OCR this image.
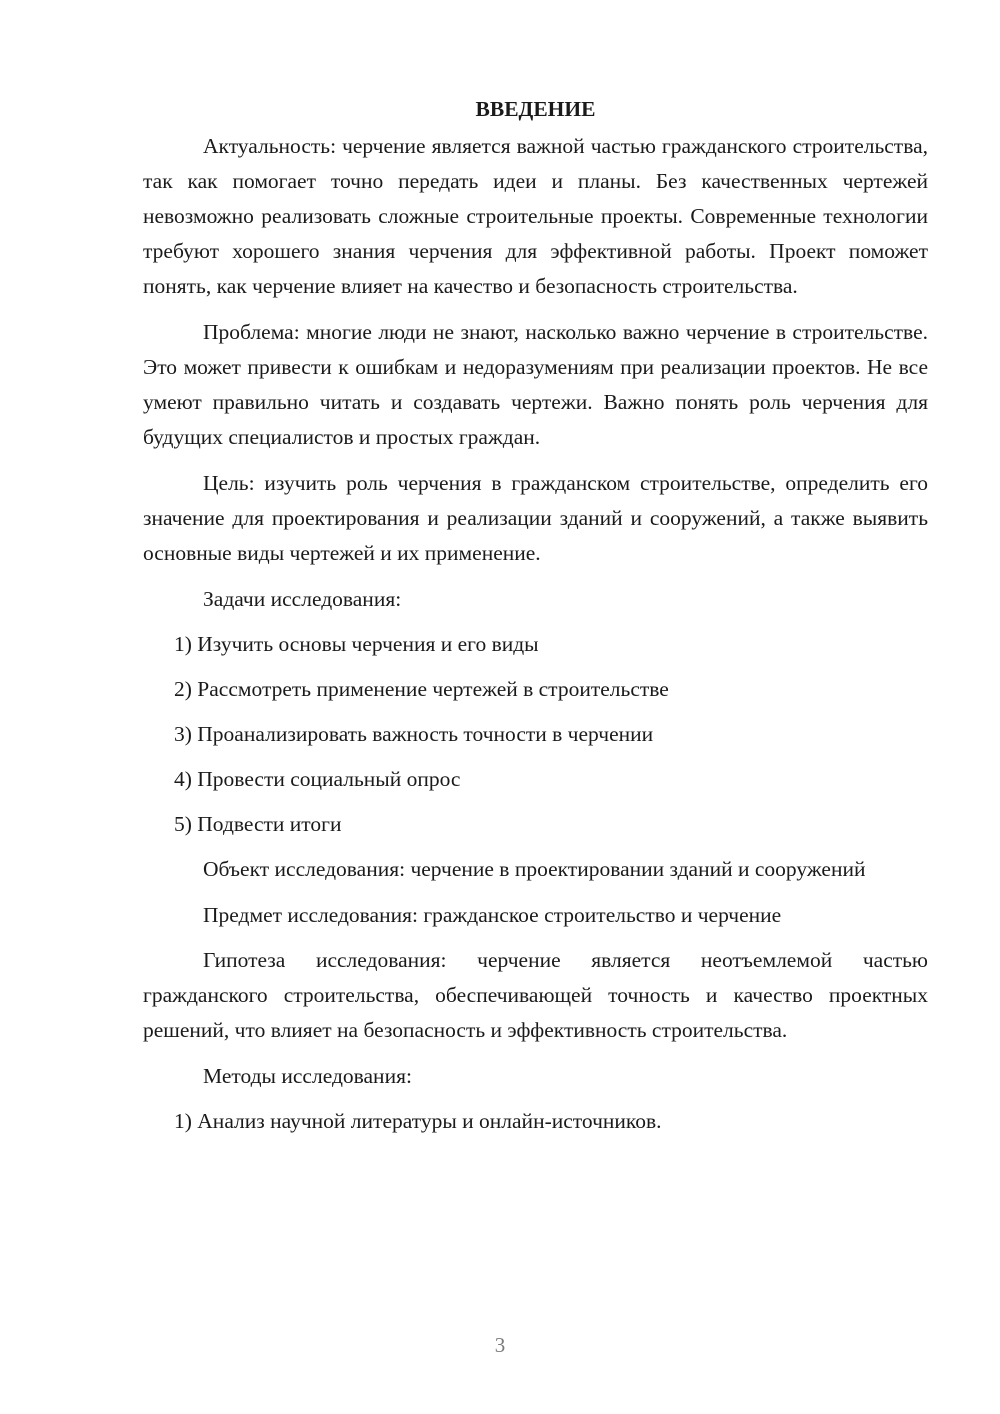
ВВЕДЕНИЕ

Актуальность: черчение является важной частью гражданского строительства, так как помогает точно передать идеи и планы. Без качественных чертежей невозможно реализовать сложные строительные проекты. Современные технологии требуют хорошего знания черчения для эффективной работы. Проект поможет понять, как черчение влияет на качество и безопасность строительства.

Проблема: многие люди не знают, насколько важно черчение в строительстве. Это может привести к ошибкам и недоразумениям при реализации проектов. Не все умеют правильно читать и создавать чертежи. Важно понять роль черчения для будущих специалистов и простых граждан.

Цель: изучить роль черчения в гражданском строительстве, определить его значение для проектирования и реализации зданий и сооружений, а также выявить основные виды чертежей и их применение.

Задачи исследования:
1) Изучить основы черчения и его виды
2) Рассмотреть применение чертежей в строительстве
3) Проанализировать важность точности в черчении
4) Провести социальный опрос
5) Подвести итоги

Объект исследования: черчение в проектировании зданий и сооружений

Предмет исследования: гражданское строительство и черчение

Гипотеза исследования: черчение является неотъемлемой частью гражданского строительства, обеспечивающей точность и качество проектных решений, что влияет на безопасность и эффективность строительства.

Методы исследования:
1) Анализ научной литературы и онлайн-источников.
3
